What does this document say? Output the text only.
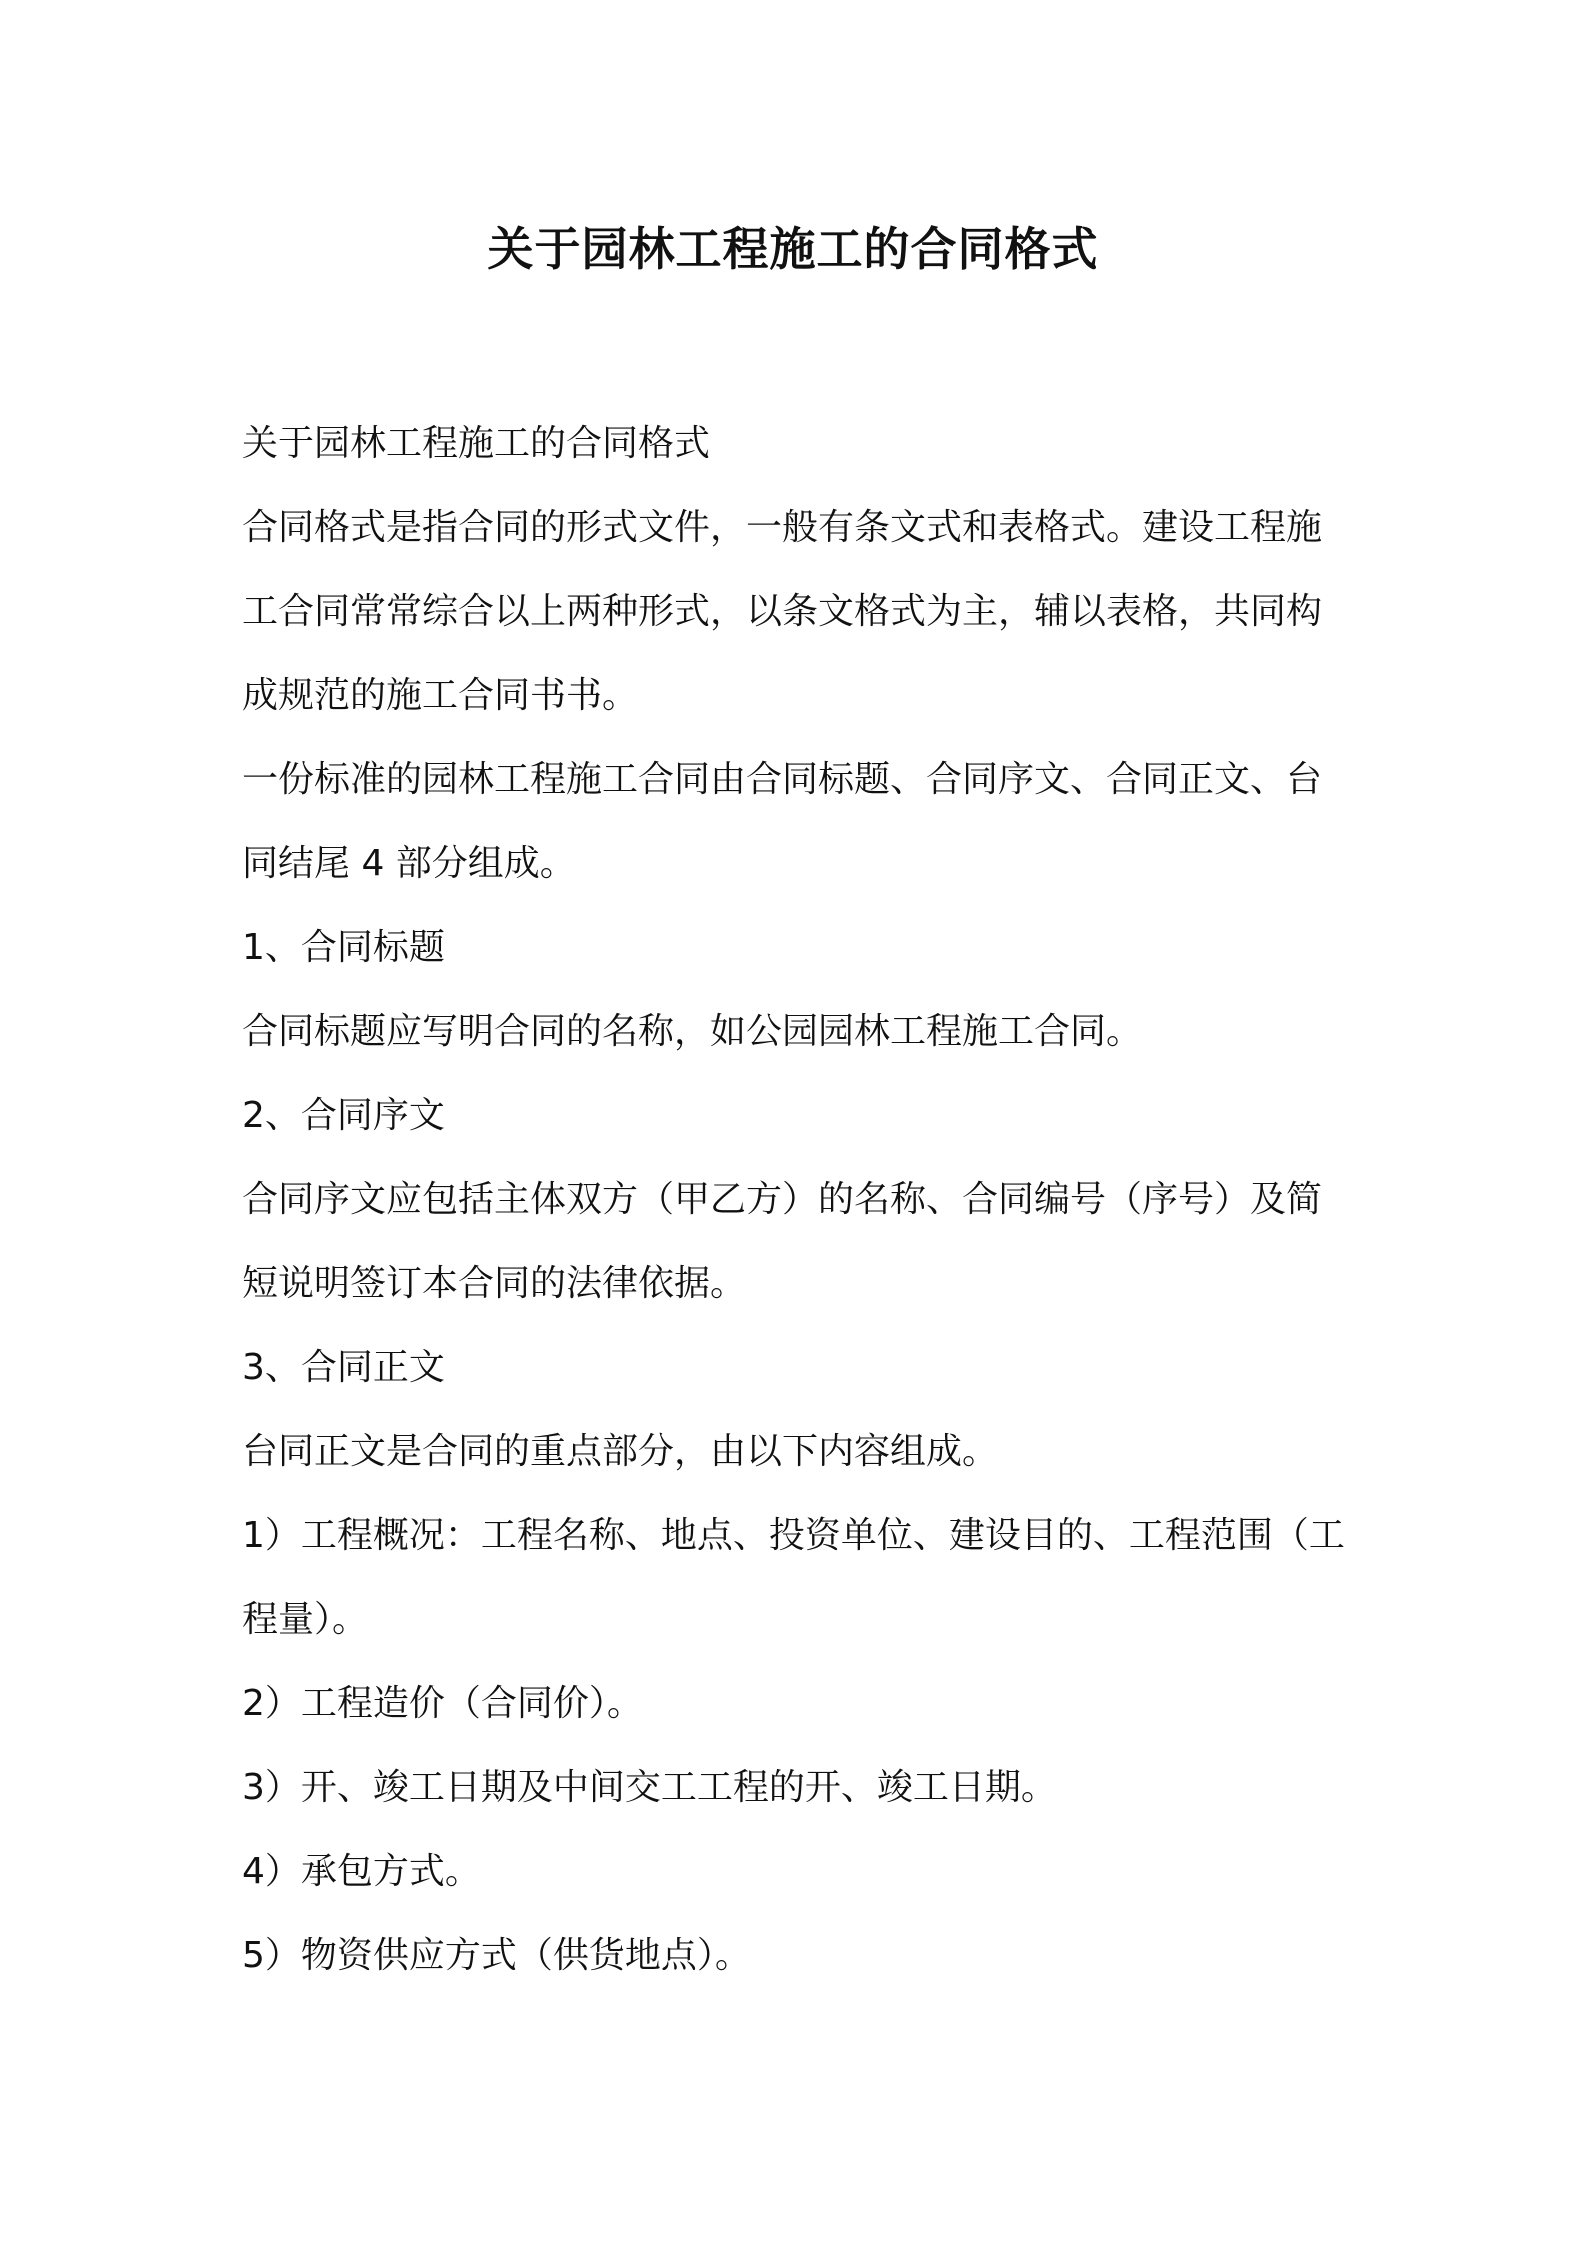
关于园林工程施工的合同格式

关于园林工程施工的合同格式

合同格式是指合同的形式文件，一般有条文式和表格式。建设工程施

工合同常常综合以上两种形式，以条文格式为主，辅以表格，共同构

成规范的施工合同书书。

一份标准的园林工程施工合同由合同标题、合同序文、合同正文、台

同结尾 4 部分组成。

1、合同标题

合同标题应写明合同的名称，如公园园林工程施工合同。

2、合同序文

合同序文应包括主体双方（甲乙方）的名称、合同编号（序号）及简

短说明签订本合同的法律依据。

3、合同正文

台同正文是合同的重点部分，由以下内容组成。

1）工程概况：工程名称、地点、投资单位、建设目的、工程范围（工

程量）。

2）工程造价（合同价）。

3）开、竣工日期及中间交工工程的开、竣工日期。

4）承包方式。

5）物资供应方式（供货地点）。
